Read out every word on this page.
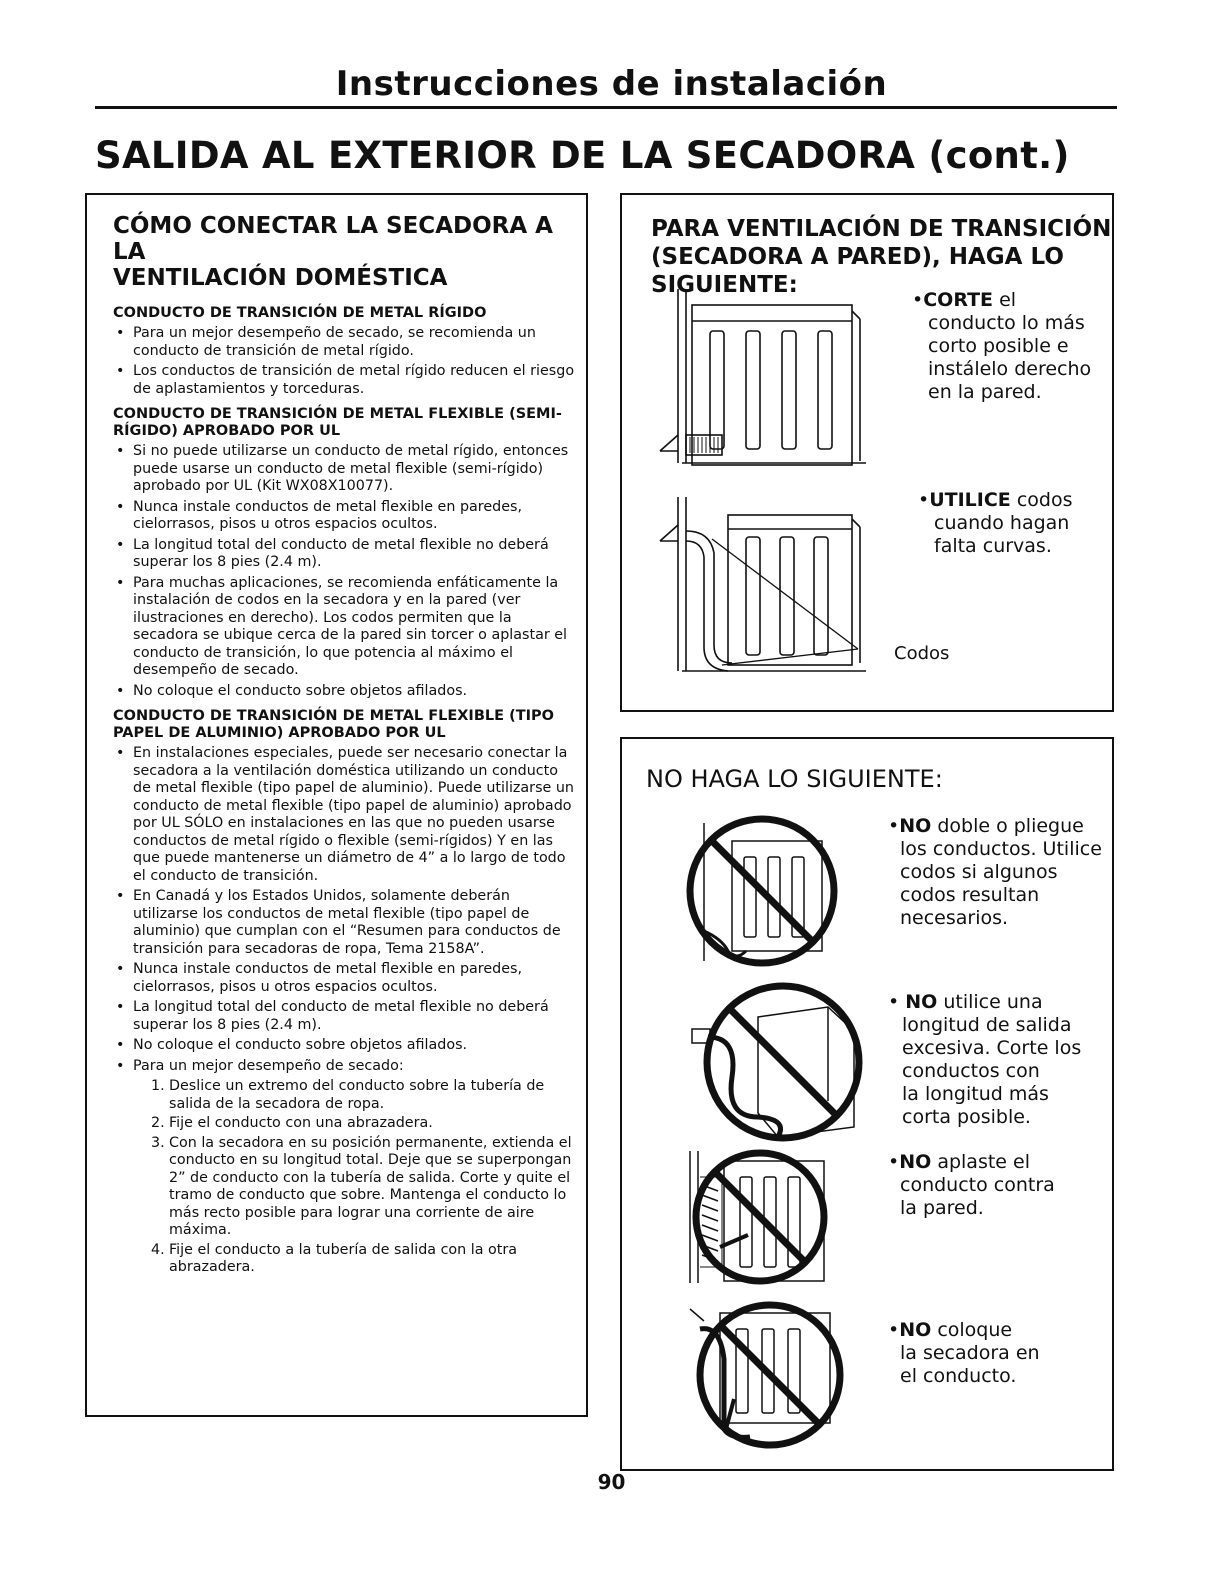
Instrucciones de instalación
SALIDA AL EXTERIOR DE LA SECADORA (cont.)
CÓMO CONECTAR LA SECADORA A LA
VENTILACIÓN DOMÉSTICA
CONDUCTO DE TRANSICIÓN DE METAL RÍGIDO
• Para un mejor desempeño de secado, se recomienda un conducto de transición de metal rígido.
• Los conductos de transición de metal rígido reducen el riesgo de aplastamientos y torceduras.
CONDUCTO DE TRANSICIÓN DE METAL FLEXIBLE (SEMI-RÍGIDO) APROBADO POR UL
• Si no puede utilizarse un conducto de metal rígido, entonces puede usarse un conducto de metal flexible (semi-rígido) aprobado por UL (Kit WX08X10077).
• Nunca instale conductos de metal flexible en paredes, cielorrasos, pisos u otros espacios ocultos.
• La longitud total del conducto de metal flexible no deberá superar los 8 pies (2.4 m).
• Para muchas aplicaciones, se recomienda enfáticamente la instalación de codos en la secadora y en la pared (ver ilustraciones en derecho). Los codos permiten que la secadora se ubique cerca de la pared sin torcer o aplastar el conducto de transición, lo que potencia al máximo el desempeño de secado.
• No coloque el conducto sobre objetos afilados.
CONDUCTO DE TRANSICIÓN DE METAL FLEXIBLE (TIPO PAPEL DE ALUMINIO) APROBADO POR UL
• En instalaciones especiales, puede ser necesario conectar la secadora a la ventilación doméstica utilizando un conducto de metal flexible (tipo papel de aluminio). Puede utilizarse un conducto de metal flexible (tipo papel de aluminio) aprobado por UL SÓLO en instalaciones en las que no pueden usarse conductos de metal rígido o flexible (semi-rígidos) Y en las que puede mantenerse un diámetro de 4” a lo largo de todo el conducto de transición.
• En Canadá y los Estados Unidos, solamente deberán utilizarse los conductos de metal flexible (tipo papel de aluminio) que cumplan con el “Resumen para conductos de transición para secadoras de ropa, Tema 2158A”.
• Nunca instale conductos de metal flexible en paredes, cielorrasos, pisos u otros espacios ocultos.
• La longitud total del conducto de metal flexible no deberá superar los 8 pies (2.4 m).
• No coloque el conducto sobre objetos afilados.
• Para un mejor desempeño de secado:
1. Deslice un extremo del conducto sobre la tubería de salida de la secadora de ropa.
2. Fije el conducto con una abrazadera.
3. Con la secadora en su posición permanente, extienda el conducto en su longitud total. Deje que se superpongan 2” de conducto con la tubería de salida. Corte y quite el tramo de conducto que sobre. Mantenga el conducto lo más recto posible para lograr una corriente de aire máxima.
4. Fije el conducto a la tubería de salida con la otra abrazadera.
PARA VENTILACIÓN DE TRANSICIÓN
(SECADORA A PARED), HAGA LO SIGUIENTE:
•CORTE el
conducto lo más
corto posible e
instálelo derecho
en la pared.
Codos
•UTILICE codos
cuando hagan
falta curvas.
NO HAGA LO SIGUIENTE:
•NO doble o pliegue
los conductos. Utilice
codos si algunos
codos resultan
necesarios.
• NO utilice una
longitud de salida
excesiva. Corte los
conductos con
la longitud más
corta posible.
•NO aplaste el
conducto contra
la pared.
•NO coloque
la secadora en
el conducto.
90
